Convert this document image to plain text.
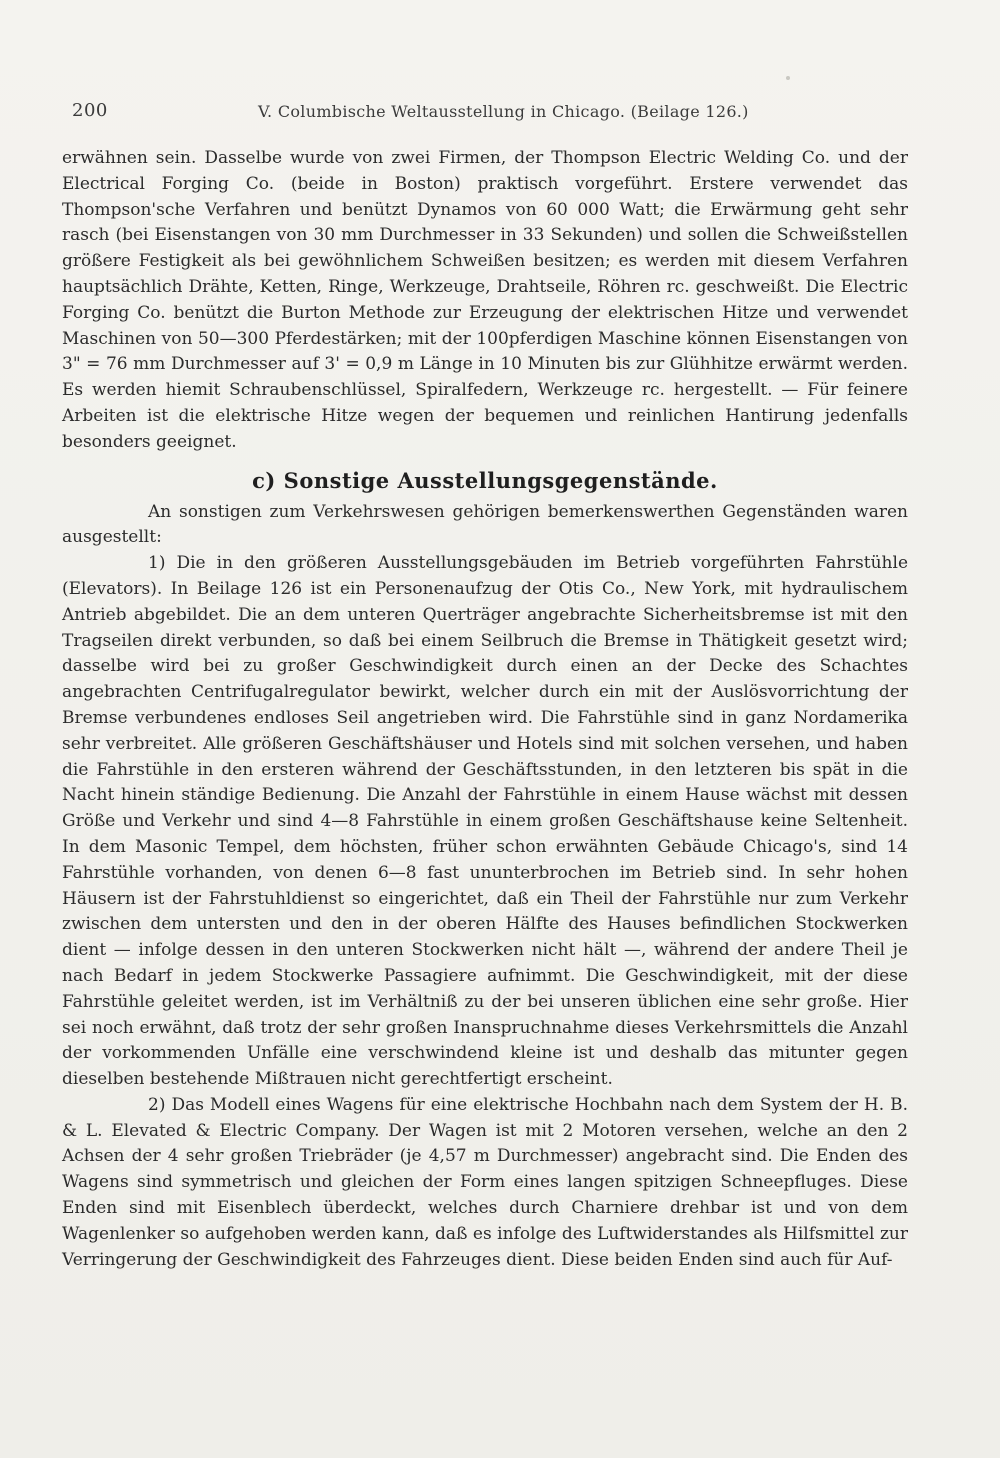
200	V. Columbische Weltausstellung in Chicago. (Beilage 126.)

erwähnen sein. Dasselbe wurde von zwei Firmen, der Thompson Electric Welding Co. und der Electrical Forging Co. (beide in Boston) praktisch vorgeführt. Erstere verwendet das Thompson'sche Verfahren und benützt Dynamos von 60 000 Watt; die Erwärmung geht sehr rasch (bei Eisenstangen von 30 mm Durchmesser in 33 Sekunden) und sollen die Schweißstellen größere Festigkeit als bei gewöhnlichem Schweißen besitzen; es werden mit diesem Verfahren hauptsächlich Drähte, Ketten, Ringe, Werkzeuge, Drahtseile, Röhren ⁠rc. geschweißt. Die Electric Forging Co. benützt die Burton Methode zur Erzeugung der elektrischen Hitze und verwendet Maschinen von 50—300 Pferdestärken; mit der 100pferdigen Maschine können Eisenstangen von 3" = 76 mm Durchmesser auf 3' = 0,9 m Länge in 10 Minuten bis zur Glühhitze erwärmt werden. Es werden hiemit Schraubenschlüssel, Spiralfedern, Werkzeuge ⁠rc. hergestellt. — Für feinere Arbeiten ist die elektrische Hitze wegen der bequemen und reinlichen Hantirung jedenfalls besonders geeignet.

c) Sonstige Ausstellungsgegenstände.

An sonstigen zum Verkehrswesen gehörigen bemerkenswerthen Gegenständen waren ausgestellt:

1) Die in den größeren Ausstellungsgebäuden im Betrieb vorgeführten Fahrstühle (Elevators). In Beilage 126 ist ein Personenaufzug der Otis Co., New York, mit hydraulischem Antrieb abgebildet. Die an dem unteren Querträger angebrachte Sicherheitsbremse ist mit den Tragseilen direkt verbunden, so daß bei einem Seilbruch die Bremse in Thätigkeit gesetzt wird; dasselbe wird bei zu großer Geschwindigkeit durch einen an der Decke des Schachtes angebrachten Centrifugalregulator bewirkt, welcher durch ein mit der Auslösvorrichtung der Bremse verbundenes endloses Seil angetrieben wird. Die Fahrstühle sind in ganz Nordamerika sehr verbreitet. Alle größeren Geschäftshäuser und Hotels sind mit solchen versehen, und haben die Fahrstühle in den ersteren während der Geschäftsstunden, in den letzteren bis spät in die Nacht hinein ständige Bedienung. Die Anzahl der Fahrstühle in einem Hause wächst mit dessen Größe und Verkehr und sind 4—8 Fahrstühle in einem großen Geschäftshause keine Seltenheit. In dem Masonic Tempel, dem höchsten, früher schon erwähnten Gebäude Chicago's, sind 14 Fahrstühle vorhanden, von denen 6—8 fast ununterbrochen im Betrieb sind. In sehr hohen Häusern ist der Fahrstuhldienst so eingerichtet, daß ein Theil der Fahrstühle nur zum Verkehr zwischen dem untersten und den in der oberen Hälfte des Hauses befindlichen Stockwerken dient — infolge dessen in den unteren Stockwerken nicht hält —, während der andere Theil je nach Bedarf in jedem Stockwerke Passagiere aufnimmt. Die Geschwindigkeit, mit der diese Fahrstühle geleitet werden, ist im Verhältniß zu der bei unseren üblichen eine sehr große. Hier sei noch erwähnt, daß trotz der sehr großen Inanspruchnahme dieses Verkehrsmittels die Anzahl der vorkommenden Unfälle eine verschwindend kleine ist und deshalb das mitunter gegen dieselben bestehende Mißtrauen nicht gerechtfertigt erscheint.

2) Das Modell eines Wagens für eine elektrische Hochbahn nach dem System der H. B. & L. Elevated & Electric Company. Der Wagen ist mit 2 Motoren versehen, welche an den 2 Achsen der 4 sehr großen Triebräder (je 4,57 m Durchmesser) angebracht sind. Die Enden des Wagens sind symmetrisch und gleichen der Form eines langen spitzigen Schneepfluges. Diese Enden sind mit Eisenblech überdeckt, welches durch Charniere drehbar ist und von dem Wagenlenker so aufgehoben werden kann, daß es infolge des Luftwiderstandes als Hilfsmittel zur Verringerung der Geschwindigkeit des Fahrzeuges dient. Diese beiden Enden sind auch für Auf-
